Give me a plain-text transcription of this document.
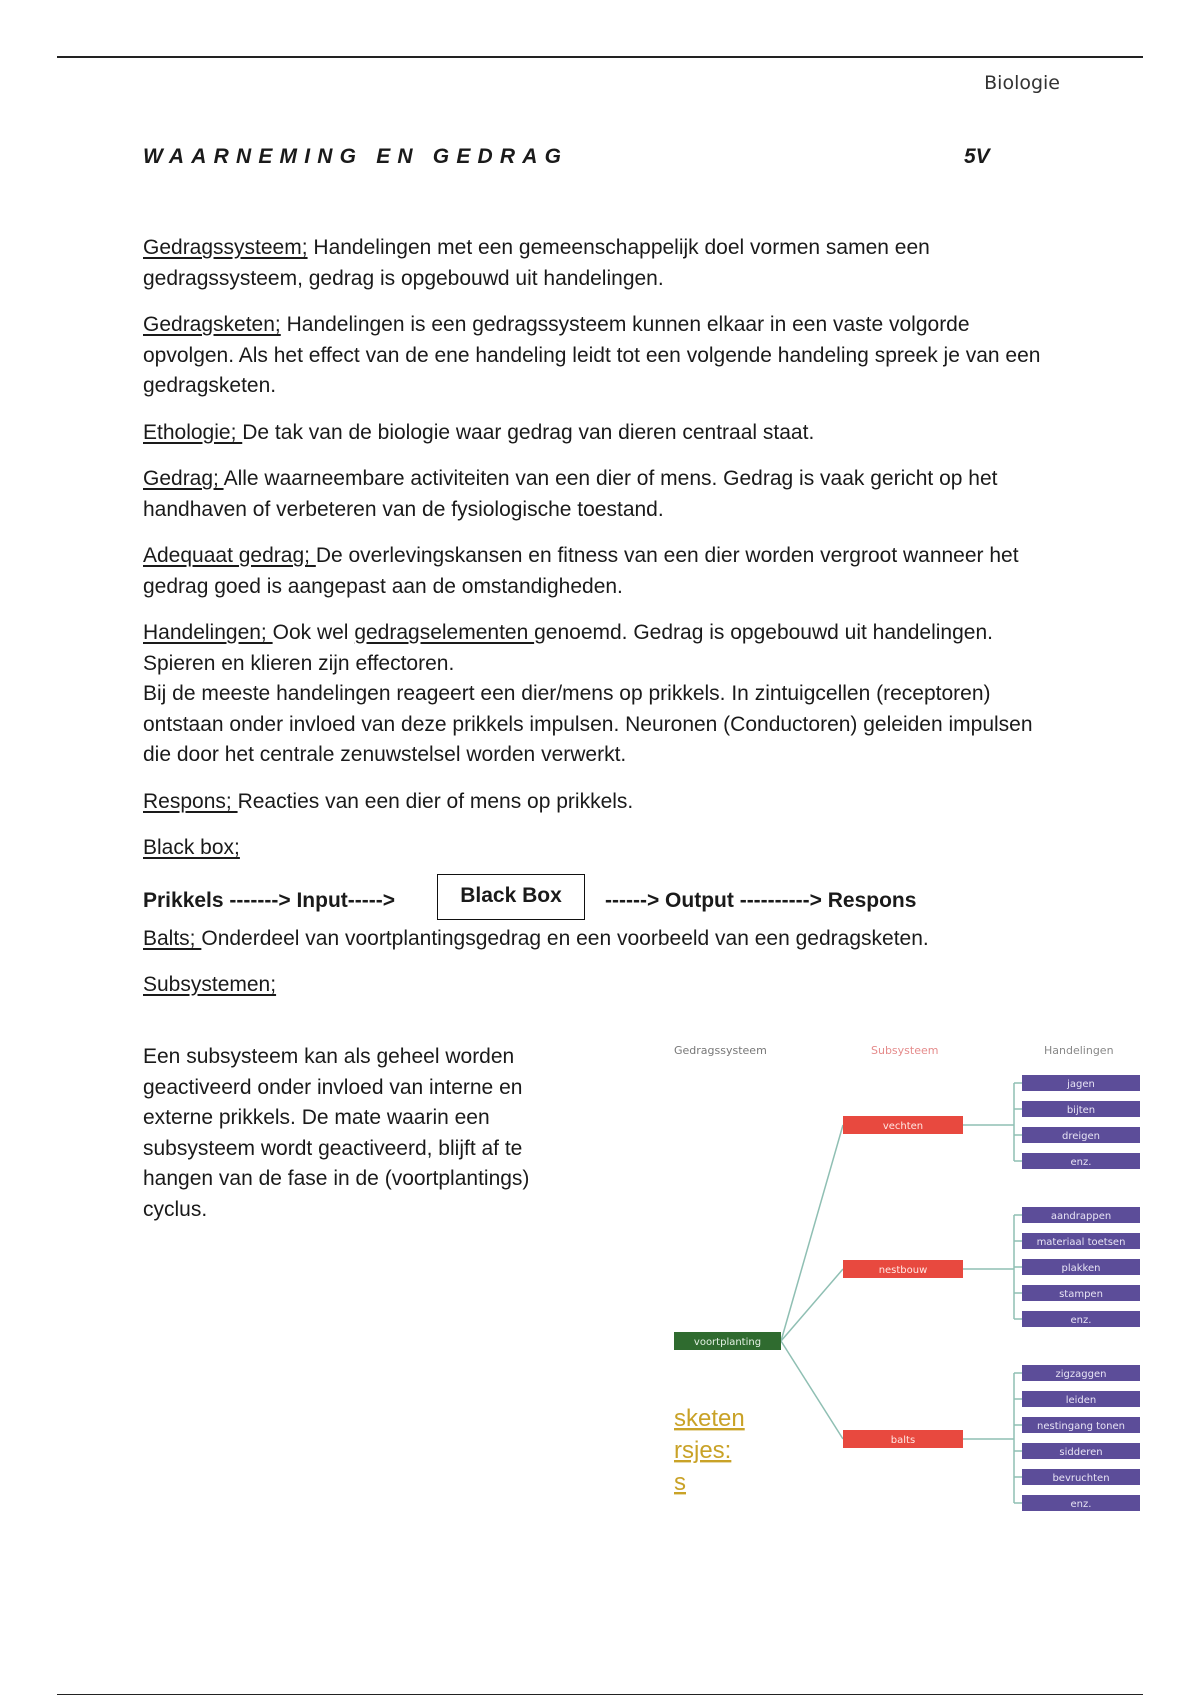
Biologie
WAARNEMING EN GEDRAG	5V

Gedragssysteem; Handelingen met een gemeenschappelijk doel vormen samen een gedragssysteem, gedrag is opgebouwd uit handelingen.

Gedragsketen; Handelingen is een gedragssysteem kunnen elkaar in een vaste volgorde opvolgen. Als het effect van de ene handeling leidt tot een volgende handeling spreek je van een gedragsketen.

Ethologie; De tak van de biologie waar gedrag van dieren centraal staat.

Gedrag; Alle waarneembare activiteiten van een dier of mens. Gedrag is vaak gericht op het handhaven of verbeteren van de fysiologische toestand.

Adequaat gedrag; De overlevingskansen en fitness van een dier worden vergroot wanneer het gedrag goed is aangepast aan de omstandigheden.

Handelingen; Ook wel gedragselementen genoemd. Gedrag is opgebouwd uit handelingen. Spieren en klieren zijn effectoren.
Bij de meeste handelingen reageert een dier/mens op prikkels. In zintuigcellen (receptoren) ontstaan onder invloed van deze prikkels impulsen. Neuronen (Conductoren) geleiden impulsen die door het centrale zenuwstelsel worden verwerkt.

Respons; Reacties van een dier of mens op prikkels.

Black box;

Prikkels -------> Input----->	Black Box	------> Output ----------> Respons

Balts; Onderdeel van voortplantingsgedrag en een voorbeeld van een gedragsketen.

Subsystemen;

Een subsysteem kan als geheel worden geactiveerd onder invloed van interne en externe prikkels. De mate waarin een subsysteem wordt geactiveerd, blijft af te hangen van de fase in de (voortplantings) cyclus.
Gedragssysteem	Subsysteem	Handelingen
jagen
bijten
dreigen
enz.
vechten
aandrappen
materiaal toetsen
plakken
stampen
enz.
nestbouw
zigzaggen
leiden
nestingang tonen
sidderen
bevruchten
enz.
balts
voortplanting
sketen
rsjes:
s
